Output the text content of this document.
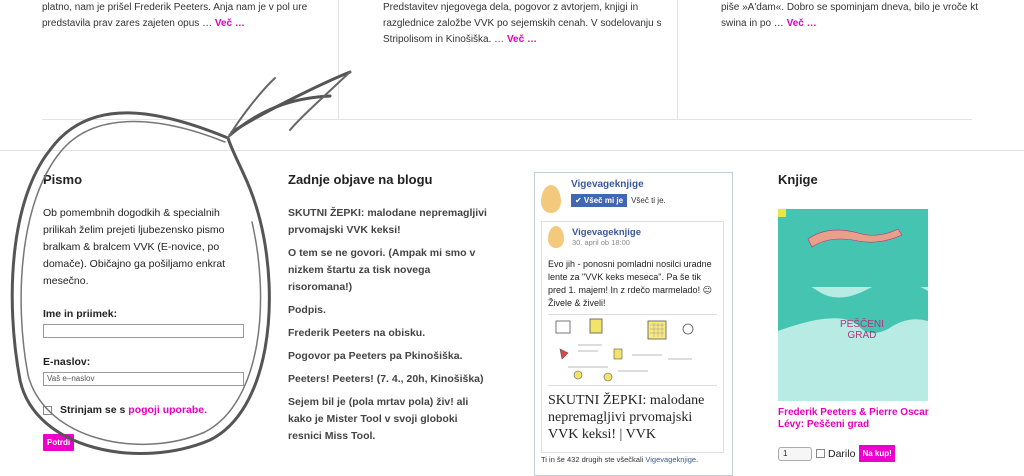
platno, nam je prišel Frederik Peeters. Anja nam je v pol ure
predstavila prav zares zajeten opus … Več …
Predstavitev njegovega dela, pogovor z avtorjem, knjigi in
razglednice založbe VVK po sejemskih cenah. V sodelovanju s
Stripolisom in Kinošiška. … Več …
piše »A'dam«. Dobro se spominjam dneva, bilo je vroče kt
swina in po … Več …
Pismo

Ob pomembnih dogodkih & specialnih prilikah želim prejeti ljubezensko pismo bralkam & bralcem VVK (E-novice, po domače). Običajno ga pošiljamo enkrat mesečno.

Ime in priimek:
E-naslov:
Vaš e–naslov
Strinjam se s
pogoji uporabe.
Potrdi
Zadnje objave na blogu
SKUTNI ŽEPKI: malodane nepremagljivi prvomajski VVK keksi!
O tem se ne govori. (Ampak mi smo v nizkem štartu za tisk novega risoromana!)
Podpis.
Frederik Peeters na obisku.
Pogovor pa Peeters pa Pkinošiška.
Peeters! Peeters! (7. 4., 20h, Kinošiška)
Sejem bil je (pola mrtav pola) živ! ali kako je Mister Tool v svoji globoki resnici Miss Tool.
Vigevageknjige
✔ Všeč mi je	Všeč ti je.
Vigevageknjige
30. april ob 18:00
Evo jih - ponosni pomladni nosilci uradne lente za "VVK keks meseca". Pa še tik pred 1. majem! In z rdečo marmelado! 😐 Živele & živeli!
SKUTNI ŽEPKI: malodane nepremagljivi prvomajski VVK keksi! | VVK
Ti in še 432 drugih ste všečkali Vigevageknjige.
Knjige
PEŠČENI
GRAD
Frederik Peeters & Pierre Oscar Lévy: Peščeni grad
1	Darilo Na kup!
